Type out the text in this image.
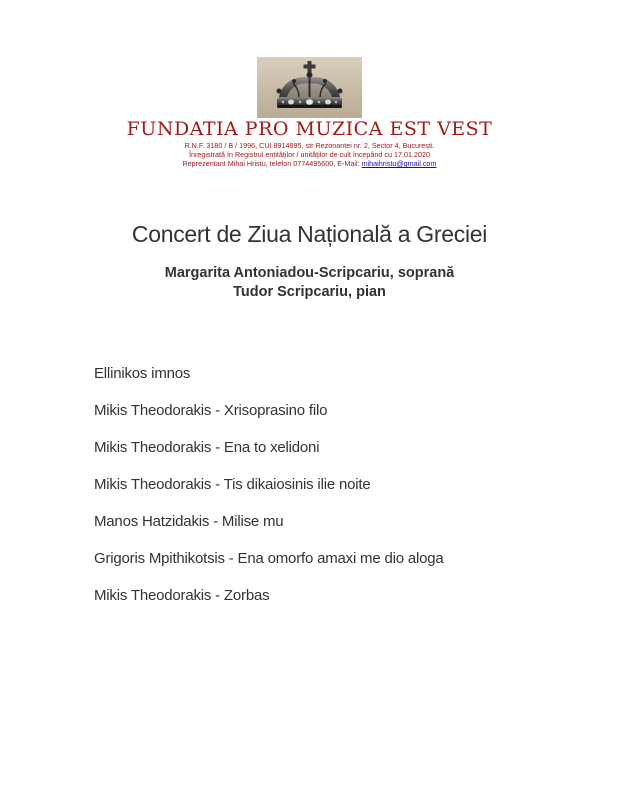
FUNDATIA PRO MUZICA EST VEST
R.N.F. 3180 / B / 1996, CUI 8914895, str Rezonantei nr. 2, Sector 4, București.
Înregistrată în Registrul entităților / unităților de cult începând cu 17.01.2020
Reprezentant Mihai Hristu, telefon 0774495600, E-Mail: mihaihristu@gmail.com
Concert de Ziua Națională a Greciei
Margarita Antoniadou-Scripcariu, soprană
Tudor Scripcariu, pian
Ellinikos imnos
Mikis Theodorakis - Xrisoprasino filo
Mikis Theodorakis - Ena to xelidoni
Mikis Theodorakis - Tis dikaiosinis ilie noite
Manos Hatzidakis - Milise mu
Grigoris Mpithikotsis - Ena omorfo amaxi me dio aloga
Mikis Theodorakis - Zorbas
